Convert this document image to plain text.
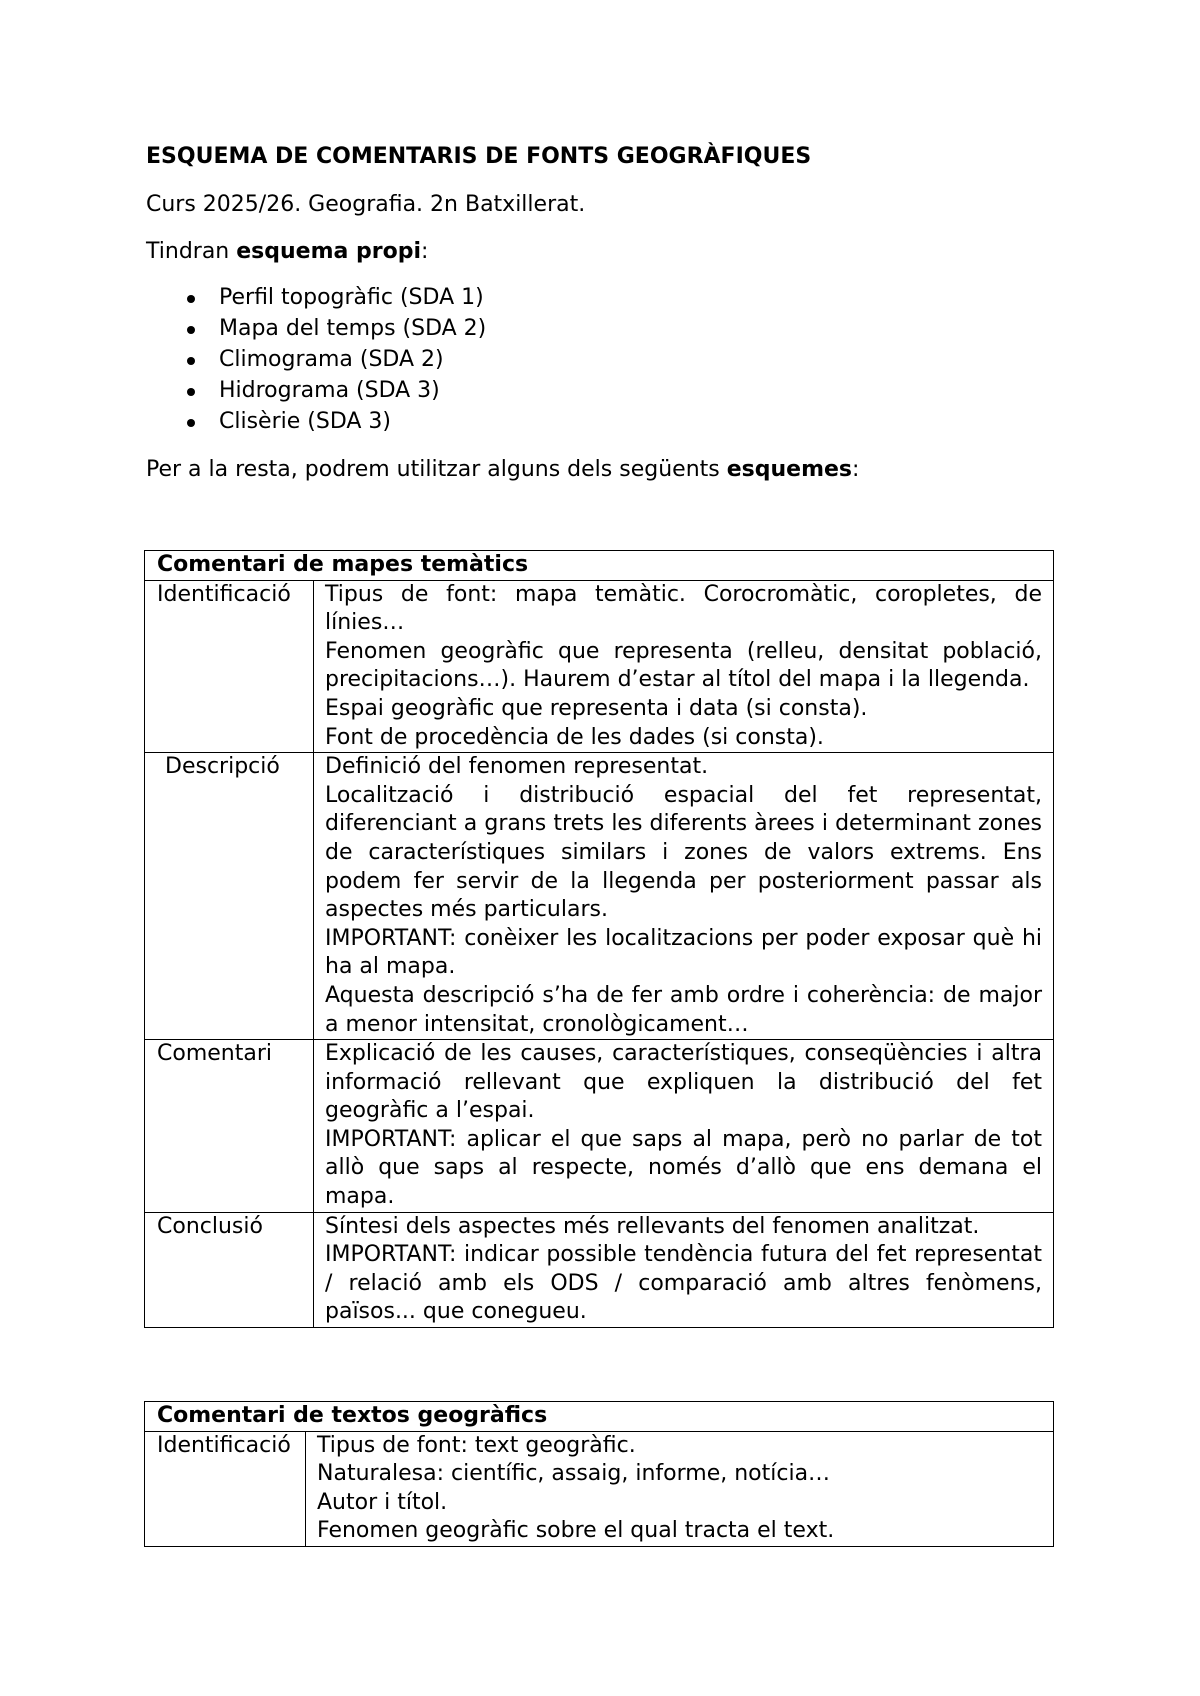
ESQUEMA DE COMENTARIS DE FONTS GEOGRÀFIQUES
Curs 2025/26. Geografia. 2n Batxillerat.
Tindran esquema propi:
Perfil topogràfic (SDA 1)
Mapa del temps (SDA 2)
Climograma (SDA 2)
Hidrograma (SDA 3)
Clisèrie (SDA 3)
Per a la resta, podrem utilitzar alguns dels següents esquemes:
Comentari de mapes temàtics	
Identificació	Tipus de font: mapa temàtic. Corocromàtic, coropletes, de línies…
Fenomen geogràfic que representa (relleu, densitat població, precipitacions…). Haurem d’estar al títol del mapa i la llegenda.
Espai geogràfic que representa i data (si consta).
Font de procedència de les dades (si consta).

Descripció	Definició del fenomen representat.
Localització i distribució espacial del fet representat, diferenciant a grans trets les diferents àrees i determinant zones de característiques similars i zones de valors extrems. Ens podem fer servir de la llegenda per posteriorment passar als aspectes més particulars.
IMPORTANT: conèixer les localitzacions per poder exposar què hi ha al mapa.
Aquesta descripció s’ha de fer amb ordre i coherència: de major a menor intensitat, cronològicament…

Comentari	Explicació de les causes, característiques, conseqüències i altra informació rellevant que expliquen la distribució del fet geogràfic a l’espai.
IMPORTANT: aplicar el que saps al mapa, però no parlar de tot allò que saps al respecte, només d’allò que ens demana el mapa.

Conclusió	Síntesi dels aspectes més rellevants del fenomen analitzat.
IMPORTANT: indicar possible tendència futura del fet representat / relació amb els ODS / comparació amb altres fenòmens, països... que conegueu.
Comentari de textos geogràfics
Identificació	Tipus de font: text geogràfic.
Naturalesa: científic, assaig, informe, notícia…
Autor i títol.
Fenomen geogràfic sobre el qual tracta el text.
